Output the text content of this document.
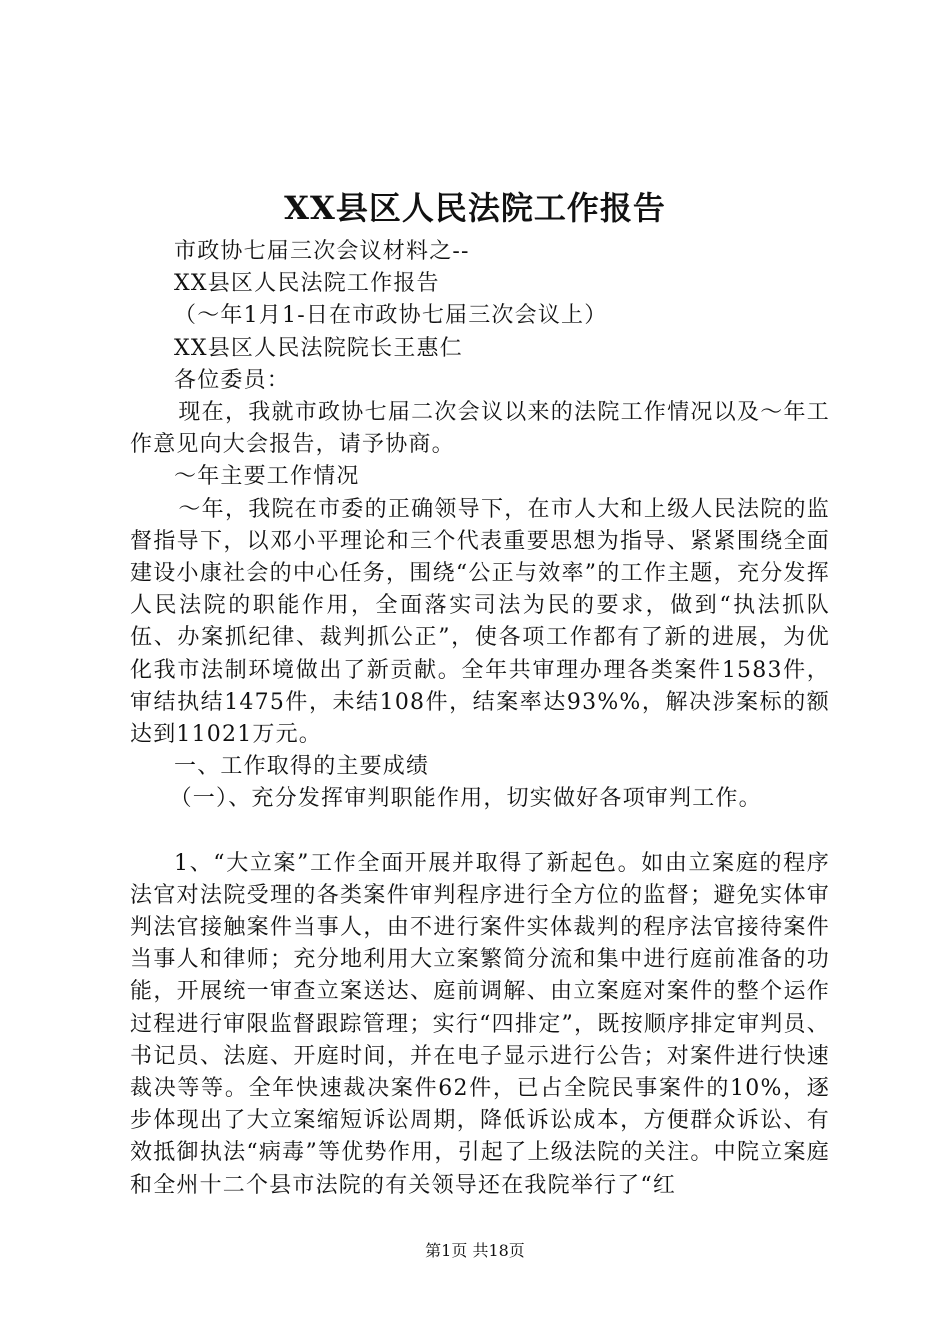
XX县区人民法院工作报告

市政协七届三次会议材料之--

XX县区人民法院工作报告

（～年1月1-日在市政协七届三次会议上）

XX县区人民法院院长王惠仁

各位委员：

现在，我就市政协七届二次会议以来的法院工作情况以及～年工作意见向大会报告，请予协商。

～年主要工作情况

～年，我院在市委的正确领导下，在市人大和上级人民法院的监督指导下，以邓小平理论和三个代表重要思想为指导、紧紧围绕全面建设小康社会的中心任务，围绕“公正与效率”的工作主题，充分发挥人民法院的职能作用，全面落实司法为民的要求，做到“执法抓队伍、办案抓纪律、裁判抓公正”，使各项工作都有了新的进展，为优化我市法制环境做出了新贡献。全年共审理办理各类案件1583件，审结执结1475件，未结108件，结案率达93%%，解决涉案标的额达到11021万元。

一、工作取得的主要成绩

（一）、充分发挥审判职能作用，切实做好各项审判工作。

1、“大立案”工作全面开展并取得了新起色。如由立案庭的程序法官对法院受理的各类案件审判程序进行全方位的监督；避免实体审判法官接触案件当事人，由不进行案件实体裁判的程序法官接待案件当事人和律师；充分地利用大立案繁简分流和集中进行庭前准备的功能，开展统一审查立案送达、庭前调解、由立案庭对案件的整个运作过程进行审限监督跟踪管理；实行“四排定”，既按顺序排定审判员、书记员、法庭、开庭时间，并在电子显示进行公告；对案件进行快速裁决等等。全年快速裁决案件62件，已占全院民事案件的10%，逐步体现出了大立案缩短诉讼周期，降低诉讼成本，方便群众诉讼、有效抵御执法“病毒”等优势作用，引起了上级法院的关注。中院立案庭和全州十二个县市法院的有关领导还在我院举行了“红

第1页 共18页
